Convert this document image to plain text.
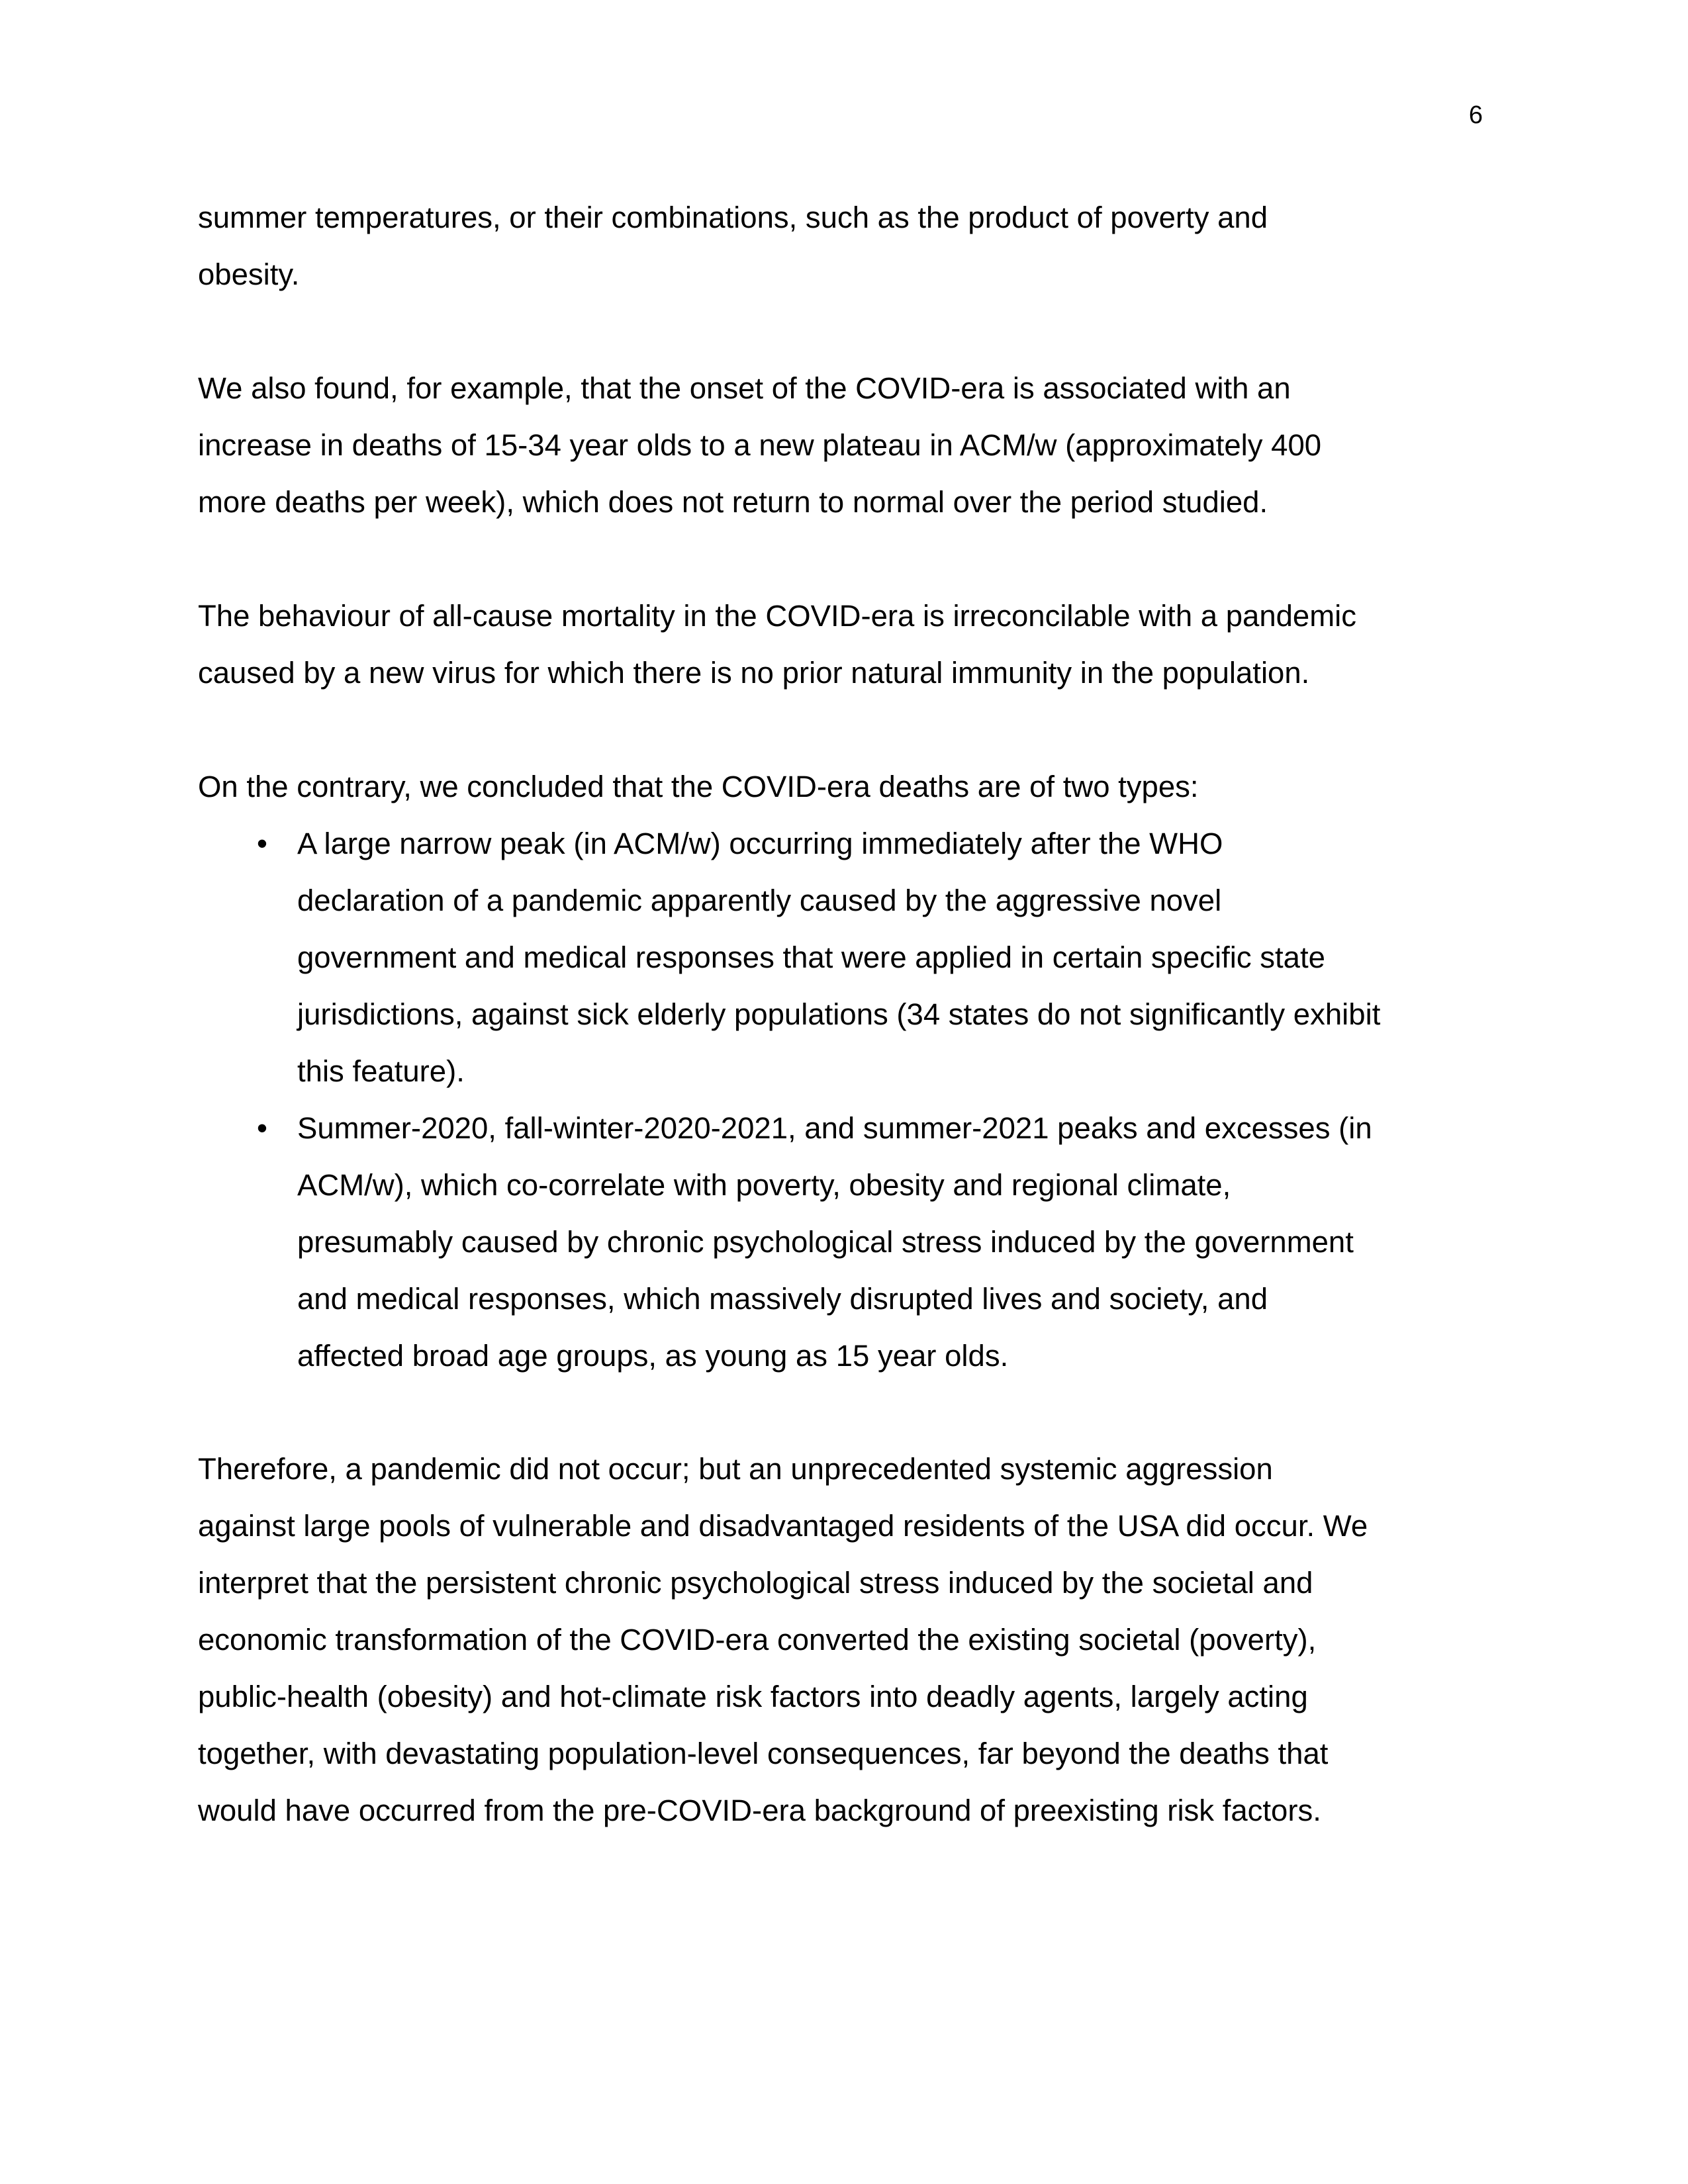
6

summer temperatures, or their combinations, such as the product of poverty and
obesity.

We also found, for example, that the onset of the COVID-era is associated with an
increase in deaths of 15-34 year olds to a new plateau in ACM/w (approximately 400
more deaths per week), which does not return to normal over the period studied.

The behaviour of all-cause mortality in the COVID-era is irreconcilable with a pandemic
caused by a new virus for which there is no prior natural immunity in the population.

On the contrary, we concluded that the COVID-era deaths are of two types:

• A large narrow peak (in ACM/w) occurring immediately after the WHO
declaration of a pandemic apparently caused by the aggressive novel
government and medical responses that were applied in certain specific state
jurisdictions, against sick elderly populations (34 states do not significantly exhibit
this feature).
• Summer-2020, fall-winter-2020-2021, and summer-2021 peaks and excesses (in
ACM/w), which co-correlate with poverty, obesity and regional climate,
presumably caused by chronic psychological stress induced by the government
and medical responses, which massively disrupted lives and society, and
affected broad age groups, as young as 15 year olds.

Therefore, a pandemic did not occur; but an unprecedented systemic aggression
against large pools of vulnerable and disadvantaged residents of the USA did occur. We
interpret that the persistent chronic psychological stress induced by the societal and
economic transformation of the COVID-era converted the existing societal (poverty),
public-health (obesity) and hot-climate risk factors into deadly agents, largely acting
together, with devastating population-level consequences, far beyond the deaths that
would have occurred from the pre-COVID-era background of preexisting risk factors.
